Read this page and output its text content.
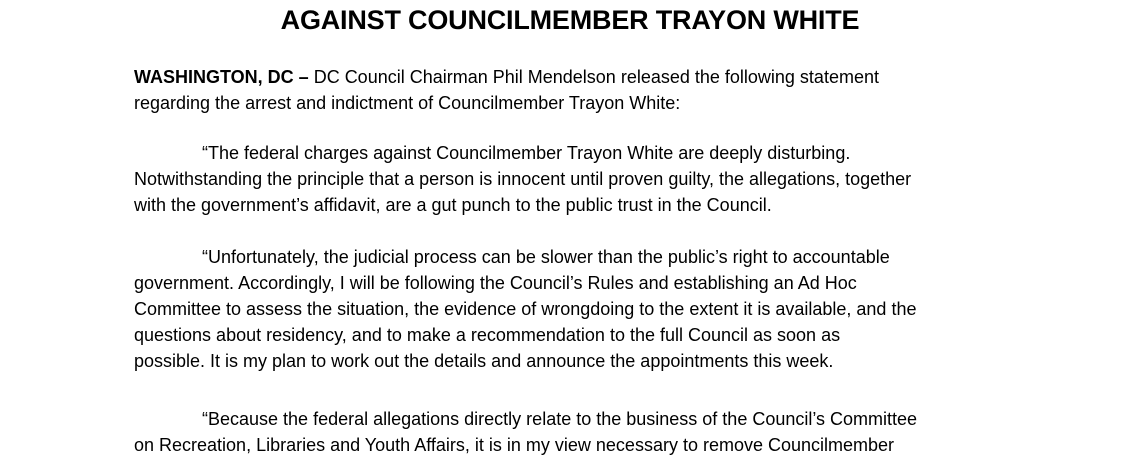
AGAINST COUNCILMEMBER TRAYON WHITE
WASHINGTON, DC – DC Council Chairman Phil Mendelson released the following statement
regarding the arrest and indictment of Councilmember Trayon White:
“The federal charges against Councilmember Trayon White are deeply disturbing.
Notwithstanding the principle that a person is innocent until proven guilty, the allegations, together
with the government’s affidavit, are a gut punch to the public trust in the Council.
“Unfortunately, the judicial process can be slower than the public’s right to accountable
government. Accordingly, I will be following the Council’s Rules and establishing an Ad Hoc
Committee to assess the situation, the evidence of wrongdoing to the extent it is available, and the
questions about residency, and to make a recommendation to the full Council as soon as
possible. It is my plan to work out the details and announce the appointments this week.
“Because the federal allegations directly relate to the business of the Council’s Committee
on Recreation, Libraries and Youth Affairs, it is in my view necessary to remove Councilmember
